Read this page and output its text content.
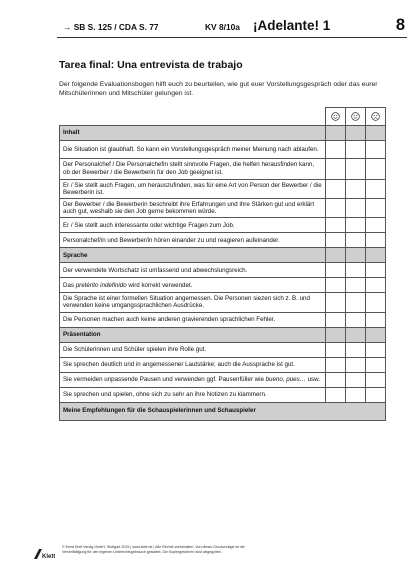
→ SB S. 125 / CDA S. 77	KV 8/10a ¡Adelante! 1	8
Tarea final: Una entrevista de trabajo
Der folgende Evaluationsbogen hilft euch zu beurteilen, wie gut euer Vorstellungsgespräch oder das eurer Mitschülerinnen und Mitschüler gelungen ist.

Inhalt			
Die Situation ist glaubhaft. So kann ein Vorstellungsgespräch meiner Meinung nach ablaufen.			
Der Personalchef / Die Personalchefin stellt sinnvolle Fragen, die helfen herausfinden kann, ob der Bewerber / die Bewerberin für den Job geeignet ist.			
Er / Sie stellt auch Fragen, um herauszufinden, was für eine Art von Person der Bewerber / die Bewerberin ist.			
Der Bewerber / die Bewerberin beschreibt ihre Erfahrungen und ihre Stärken gut und erklärt auch gut, weshalb sie den Job gerne bekommen würde.			
Er / Sie stellt auch interessante oder wichtige Fragen zum Job.			
Personalchef/in und Bewerber/in hören einander zu und reagieren aufeinander.			
Sprache			
Der verwendete Wortschatz ist umfassend und abwechslungsreich.			
Das pretérito indefinido wird korrekt verwendet.			
Die Sprache ist einer formellen Situation angemessen. Die Personen siezen sich z. B. und verwenden keine umgangssprachlichen Ausdrücke.			
Die Personen machen auch keine anderen gravierenden sprachlichen Fehler.			
Präsentation			
Die Schülerinnen und Schüler spielen ihre Rolle gut.			
Sie sprechen deutlich und in angemessener Lautstärke; auch die Aussprache ist gut.			
Sie vermeiden unpassende Pausen und verwenden ggf. Pausenfüller wie bueno, pues… usw.			
Sie sprechen und spielen, ohne sich zu sehr an ihre Notizen zu klammern.			
Meine Empfehlungen für die Schauspielerinnen und Schauspieler			
Klett
© Ernst Klett Verlag GmbH, Stuttgart 2015 | www.klett.de | Alle Rechte vorbehalten. Von dieser Druckvorlage ist die Vervielfältigung für den eigenen Unterrichtsgebrauch gestattet. Die Kopiergebühren sind abgegolten.
